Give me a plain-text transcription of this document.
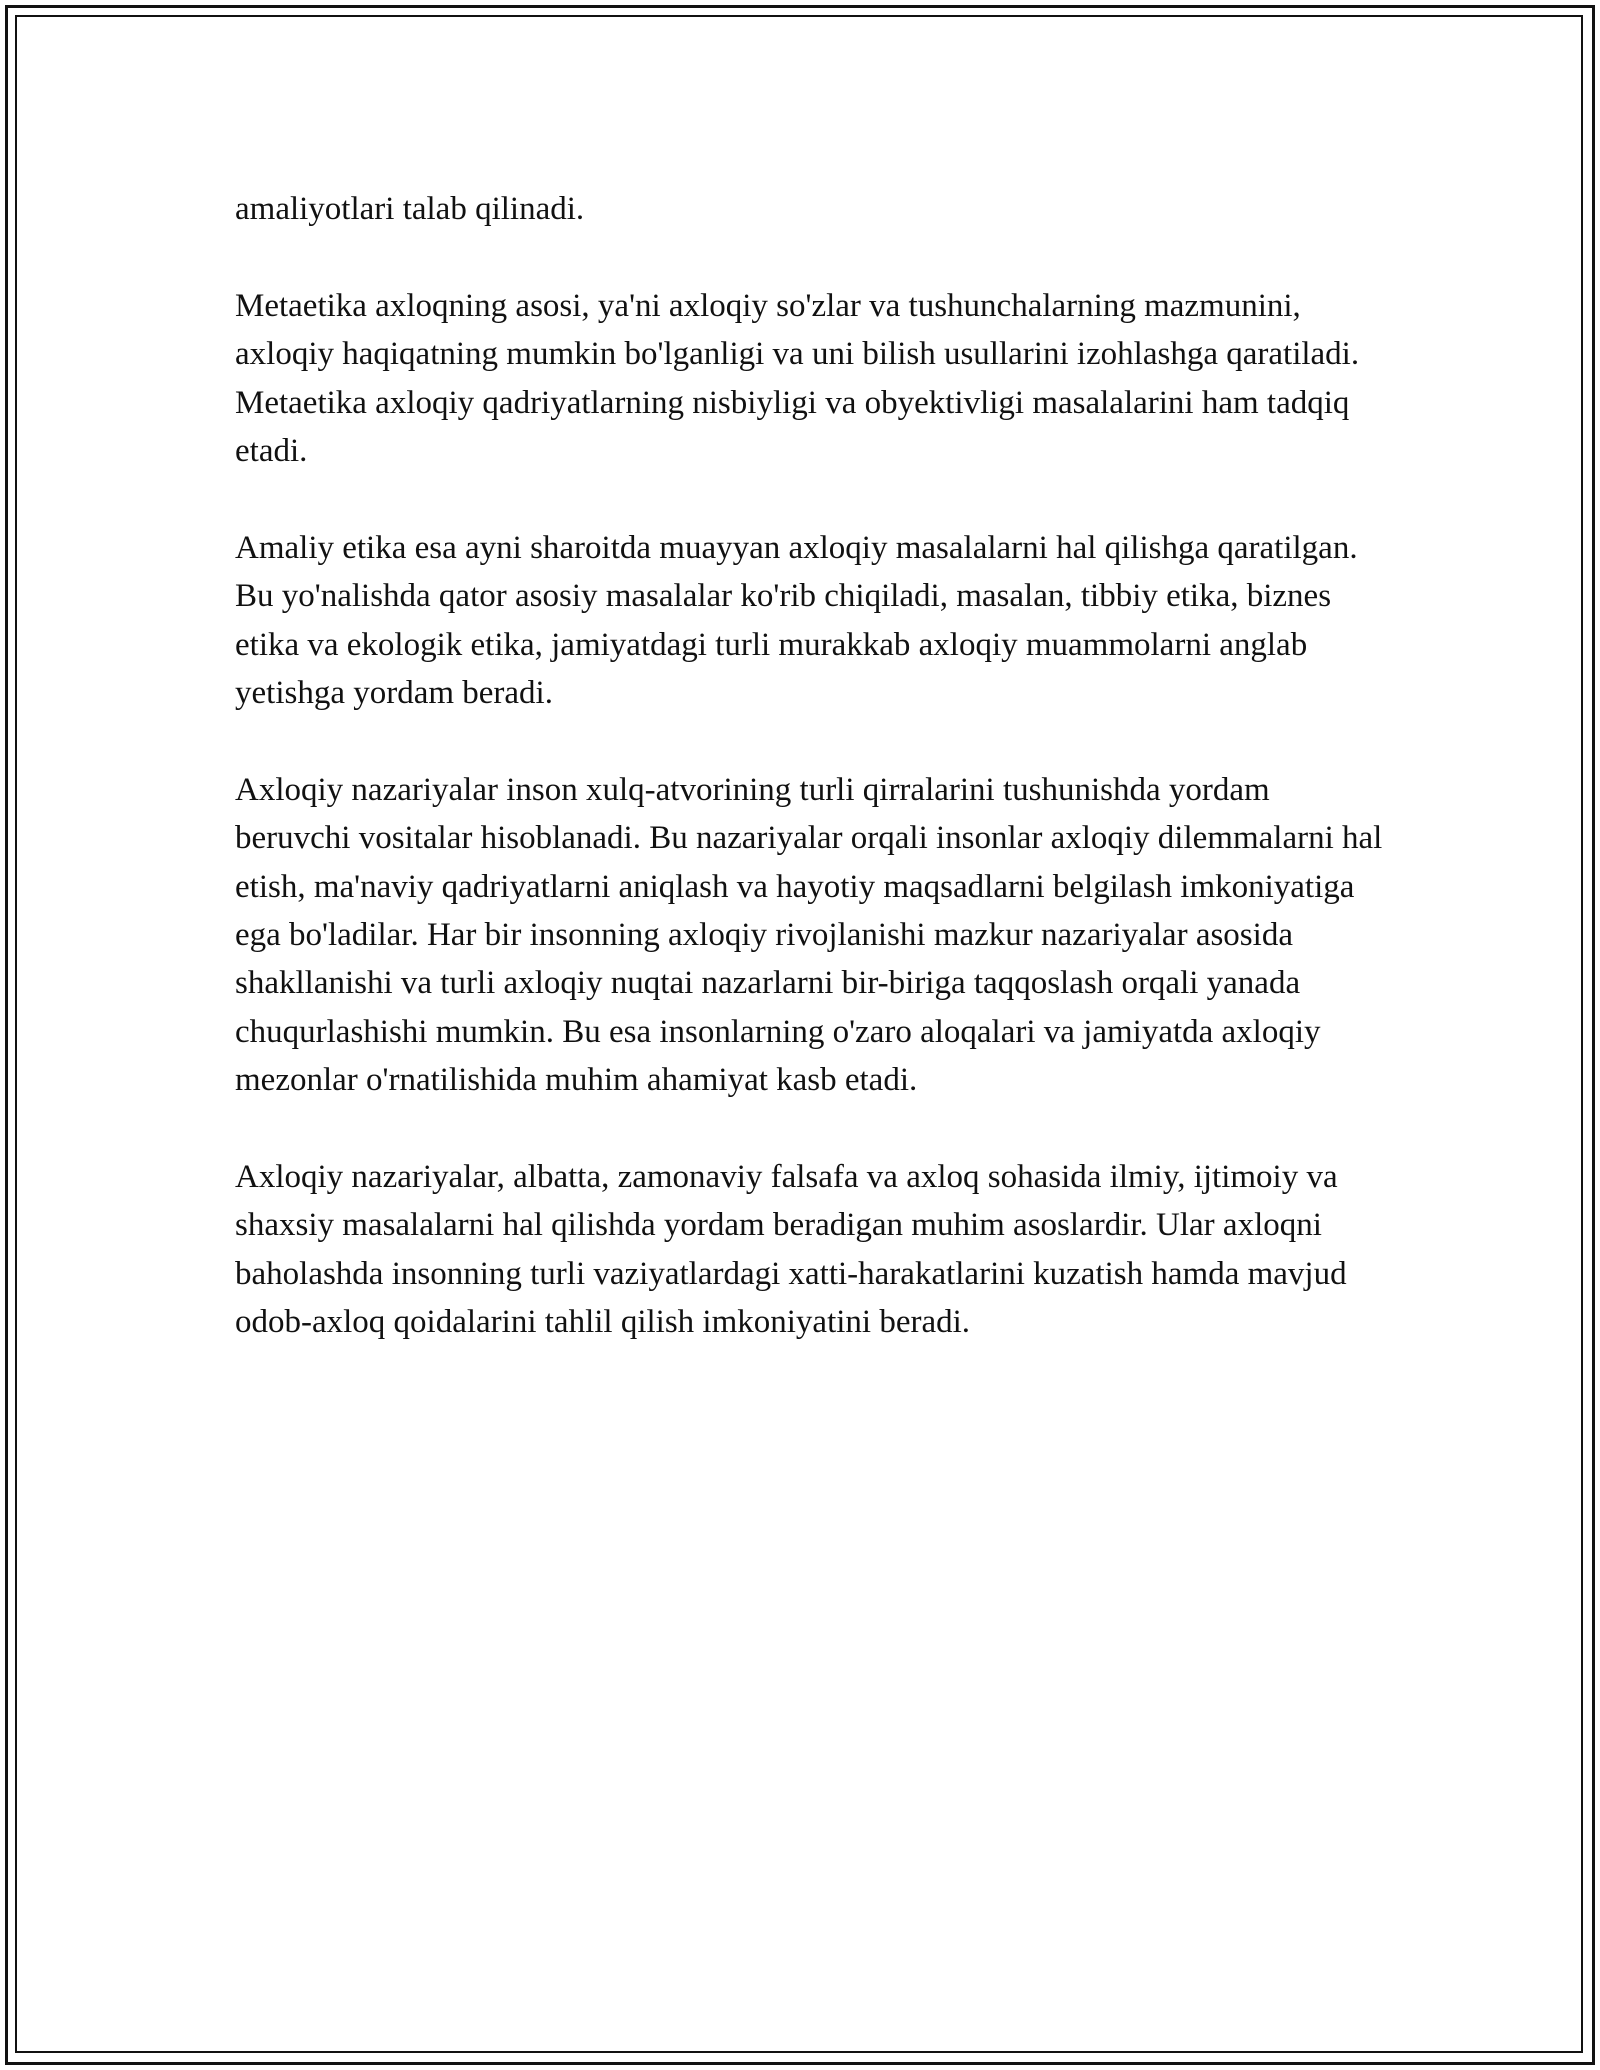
amaliyotlari talab qilinadi.

Metaetika axloqning asosi, ya'ni axloqiy so'zlar va tushunchalarning mazmunini, axloqiy haqiqatning mumkin bo'lganligi va uni bilish usullarini izohlashga qaratiladi. Metaetika axloqiy qadriyatlarning nisbiyligi va obyektivligi masalalarini ham tadqiq etadi.

Amaliy etika esa ayni sharoitda muayyan axloqiy masalalarni hal qilishga qaratilgan. Bu yo'nalishda qator asosiy masalalar ko'rib chiqiladi, masalan, tibbiy etika, biznes etika va ekologik etika, jamiyatdagi turli murakkab axloqiy muammolarni anglab yetishga yordam beradi.

Axloqiy nazariyalar inson xulq-atvorining turli qirralarini tushunishda yordam beruvchi vositalar hisoblanadi. Bu nazariyalar orqali insonlar axloqiy dilemmalarni hal etish, ma'naviy qadriyatlarni aniqlash va hayotiy maqsadlarni belgilash imkoniyatiga ega bo'ladilar. Har bir insonning axloqiy rivojlanishi mazkur nazariyalar asosida shakllanishi va turli axloqiy nuqtai nazarlarni bir-biriga taqqoslash orqali yanada chuqurlashishi mumkin. Bu esa insonlarning o'zaro aloqalari va jamiyatda axloqiy mezonlar o'rnatilishida muhim ahamiyat kasb etadi.

Axloqiy nazariyalar, albatta, zamonaviy falsafa va axloq sohasida ilmiy, ijtimoiy va shaxsiy masalalarni hal qilishda yordam beradigan muhim asoslardir. Ular axloqni baholashda insonning turli vaziyatlardagi xatti-harakatlarini kuzatish hamda mavjud odob-axloq qoidalarini tahlil qilish imkoniyatini beradi.
